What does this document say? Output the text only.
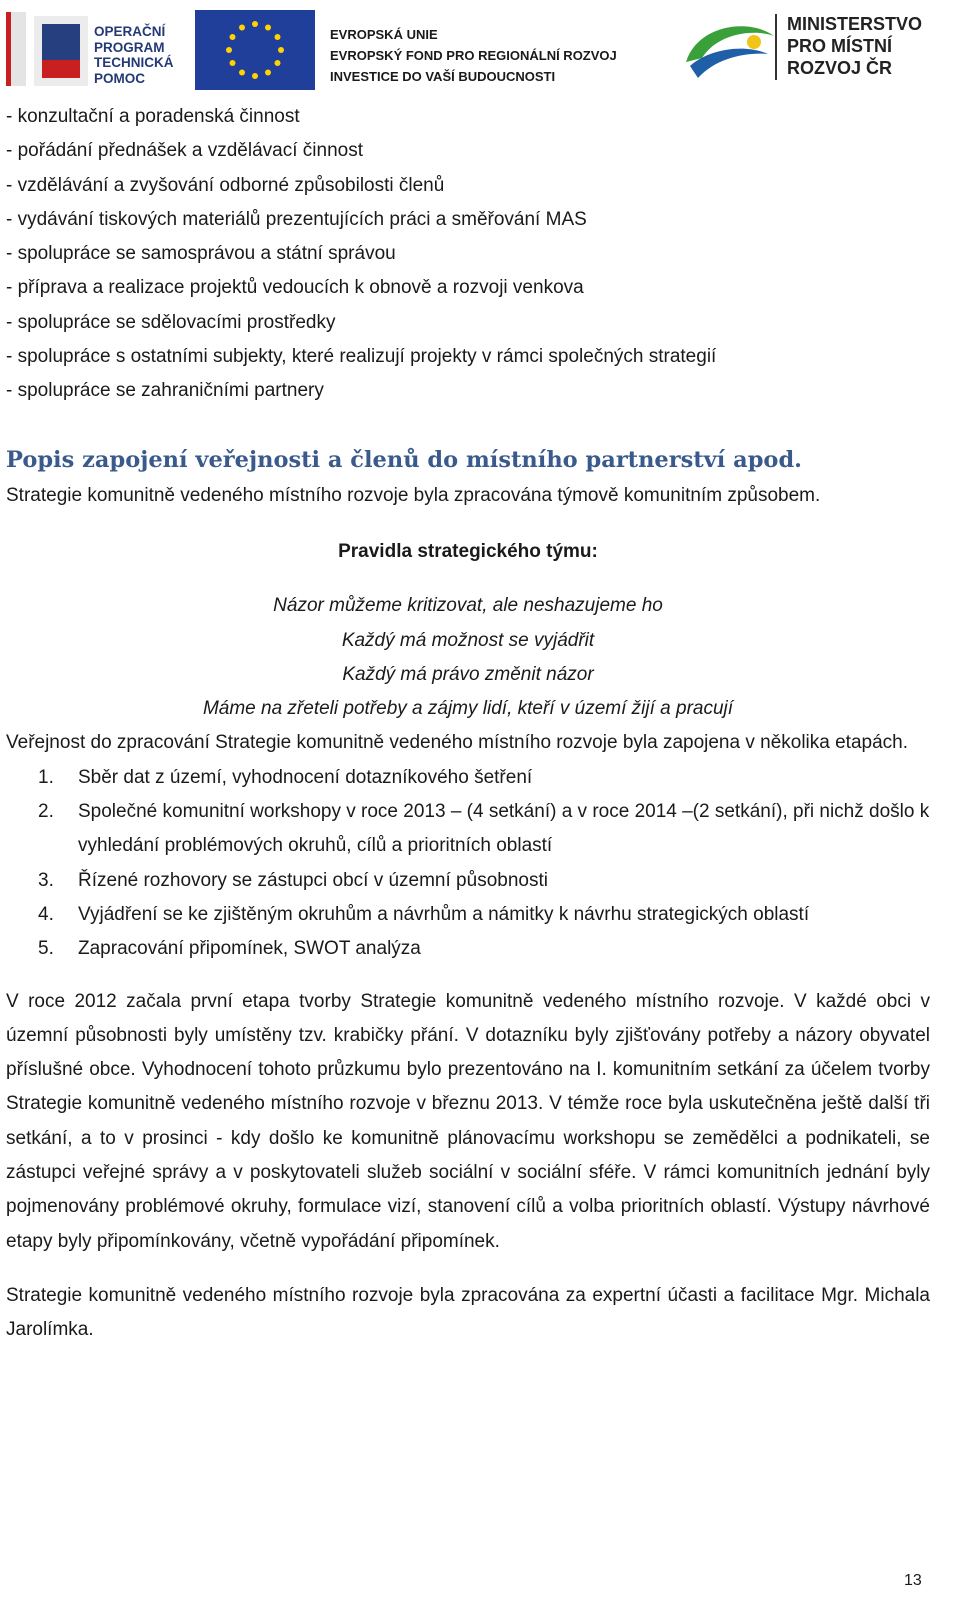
OPERAČNÍ
PROGRAM
TECHNICKÁ
POMOC
EVROPSKÁ UNIE
EVROPSKÝ FOND PRO REGIONÁLNÍ ROZVOJ
INVESTICE DO VAŠÍ BUDOUCNOSTI
MINISTERSTVO
PRO MÍSTNÍ
ROZVOJ ČR
- konzultační a poradenská činnost
- pořádání přednášek a vzdělávací činnost
- vzdělávání a zvyšování odborné způsobilosti členů
- vydávání tiskových materiálů prezentujících práci a směřování MAS
- spolupráce se samosprávou a státní správou
- příprava a realizace projektů vedoucích k obnově a rozvoji venkova
- spolupráce se sdělovacími prostředky
- spolupráce s ostatními subjekty, které realizují projekty v rámci společných strategií
- spolupráce se zahraničními partnery
Popis zapojení veřejnosti a členů do místního partnerství apod.
Strategie komunitně vedeného místního rozvoje byla zpracována týmově komunitním způsobem.
Pravidla strategického týmu:
Názor můžeme kritizovat, ale neshazujeme ho
Každý má možnost se vyjádřit
Každý má právo změnit názor
Máme na zřeteli potřeby a zájmy lidí, kteří v území žijí a pracují
Veřejnost do zpracování Strategie komunitně vedeného místního rozvoje byla zapojena v několika etapách.
1. Sběr dat z území, vyhodnocení dotazníkového šetření
2. Společné komunitní workshopy v roce 2013 – (4 setkání) a v roce 2014 –(2 setkání), při nichž došlo k vyhledání problémových okruhů, cílů a prioritních oblastí
3. Řízené rozhovory se zástupci obcí v územní působnosti
4. Vyjádření se ke zjištěným okruhům a návrhům a námitky k návrhu strategických oblastí
5. Zapracování připomínek, SWOT analýza
V roce 2012 začala první etapa tvorby Strategie komunitně vedeného místního rozvoje. V každé obci v územní působnosti byly umístěny tzv. krabičky přání. V dotazníku byly zjišťovány potřeby a názory obyvatel příslušné obce. Vyhodnocení tohoto průzkumu bylo prezentováno na I. komunitním setkání za účelem tvorby Strategie komunitně vedeného místního rozvoje v březnu 2013. V témže roce byla uskutečněna ještě další tři setkání, a to v prosinci - kdy došlo ke komunitně plánovacímu workshopu se zemědělci a podnikateli, se zástupci veřejné správy a v poskytovateli služeb sociální v sociální sféře. V rámci komunitních jednání byly pojmenovány problémové okruhy, formulace vizí, stanovení cílů a volba prioritních oblastí. Výstupy návrhové etapy byly připomínkovány, včetně vypořádání připomínek.
Strategie komunitně vedeného místního rozvoje byla zpracována za expertní účasti a facilitace Mgr. Michala Jarolímka.
13
